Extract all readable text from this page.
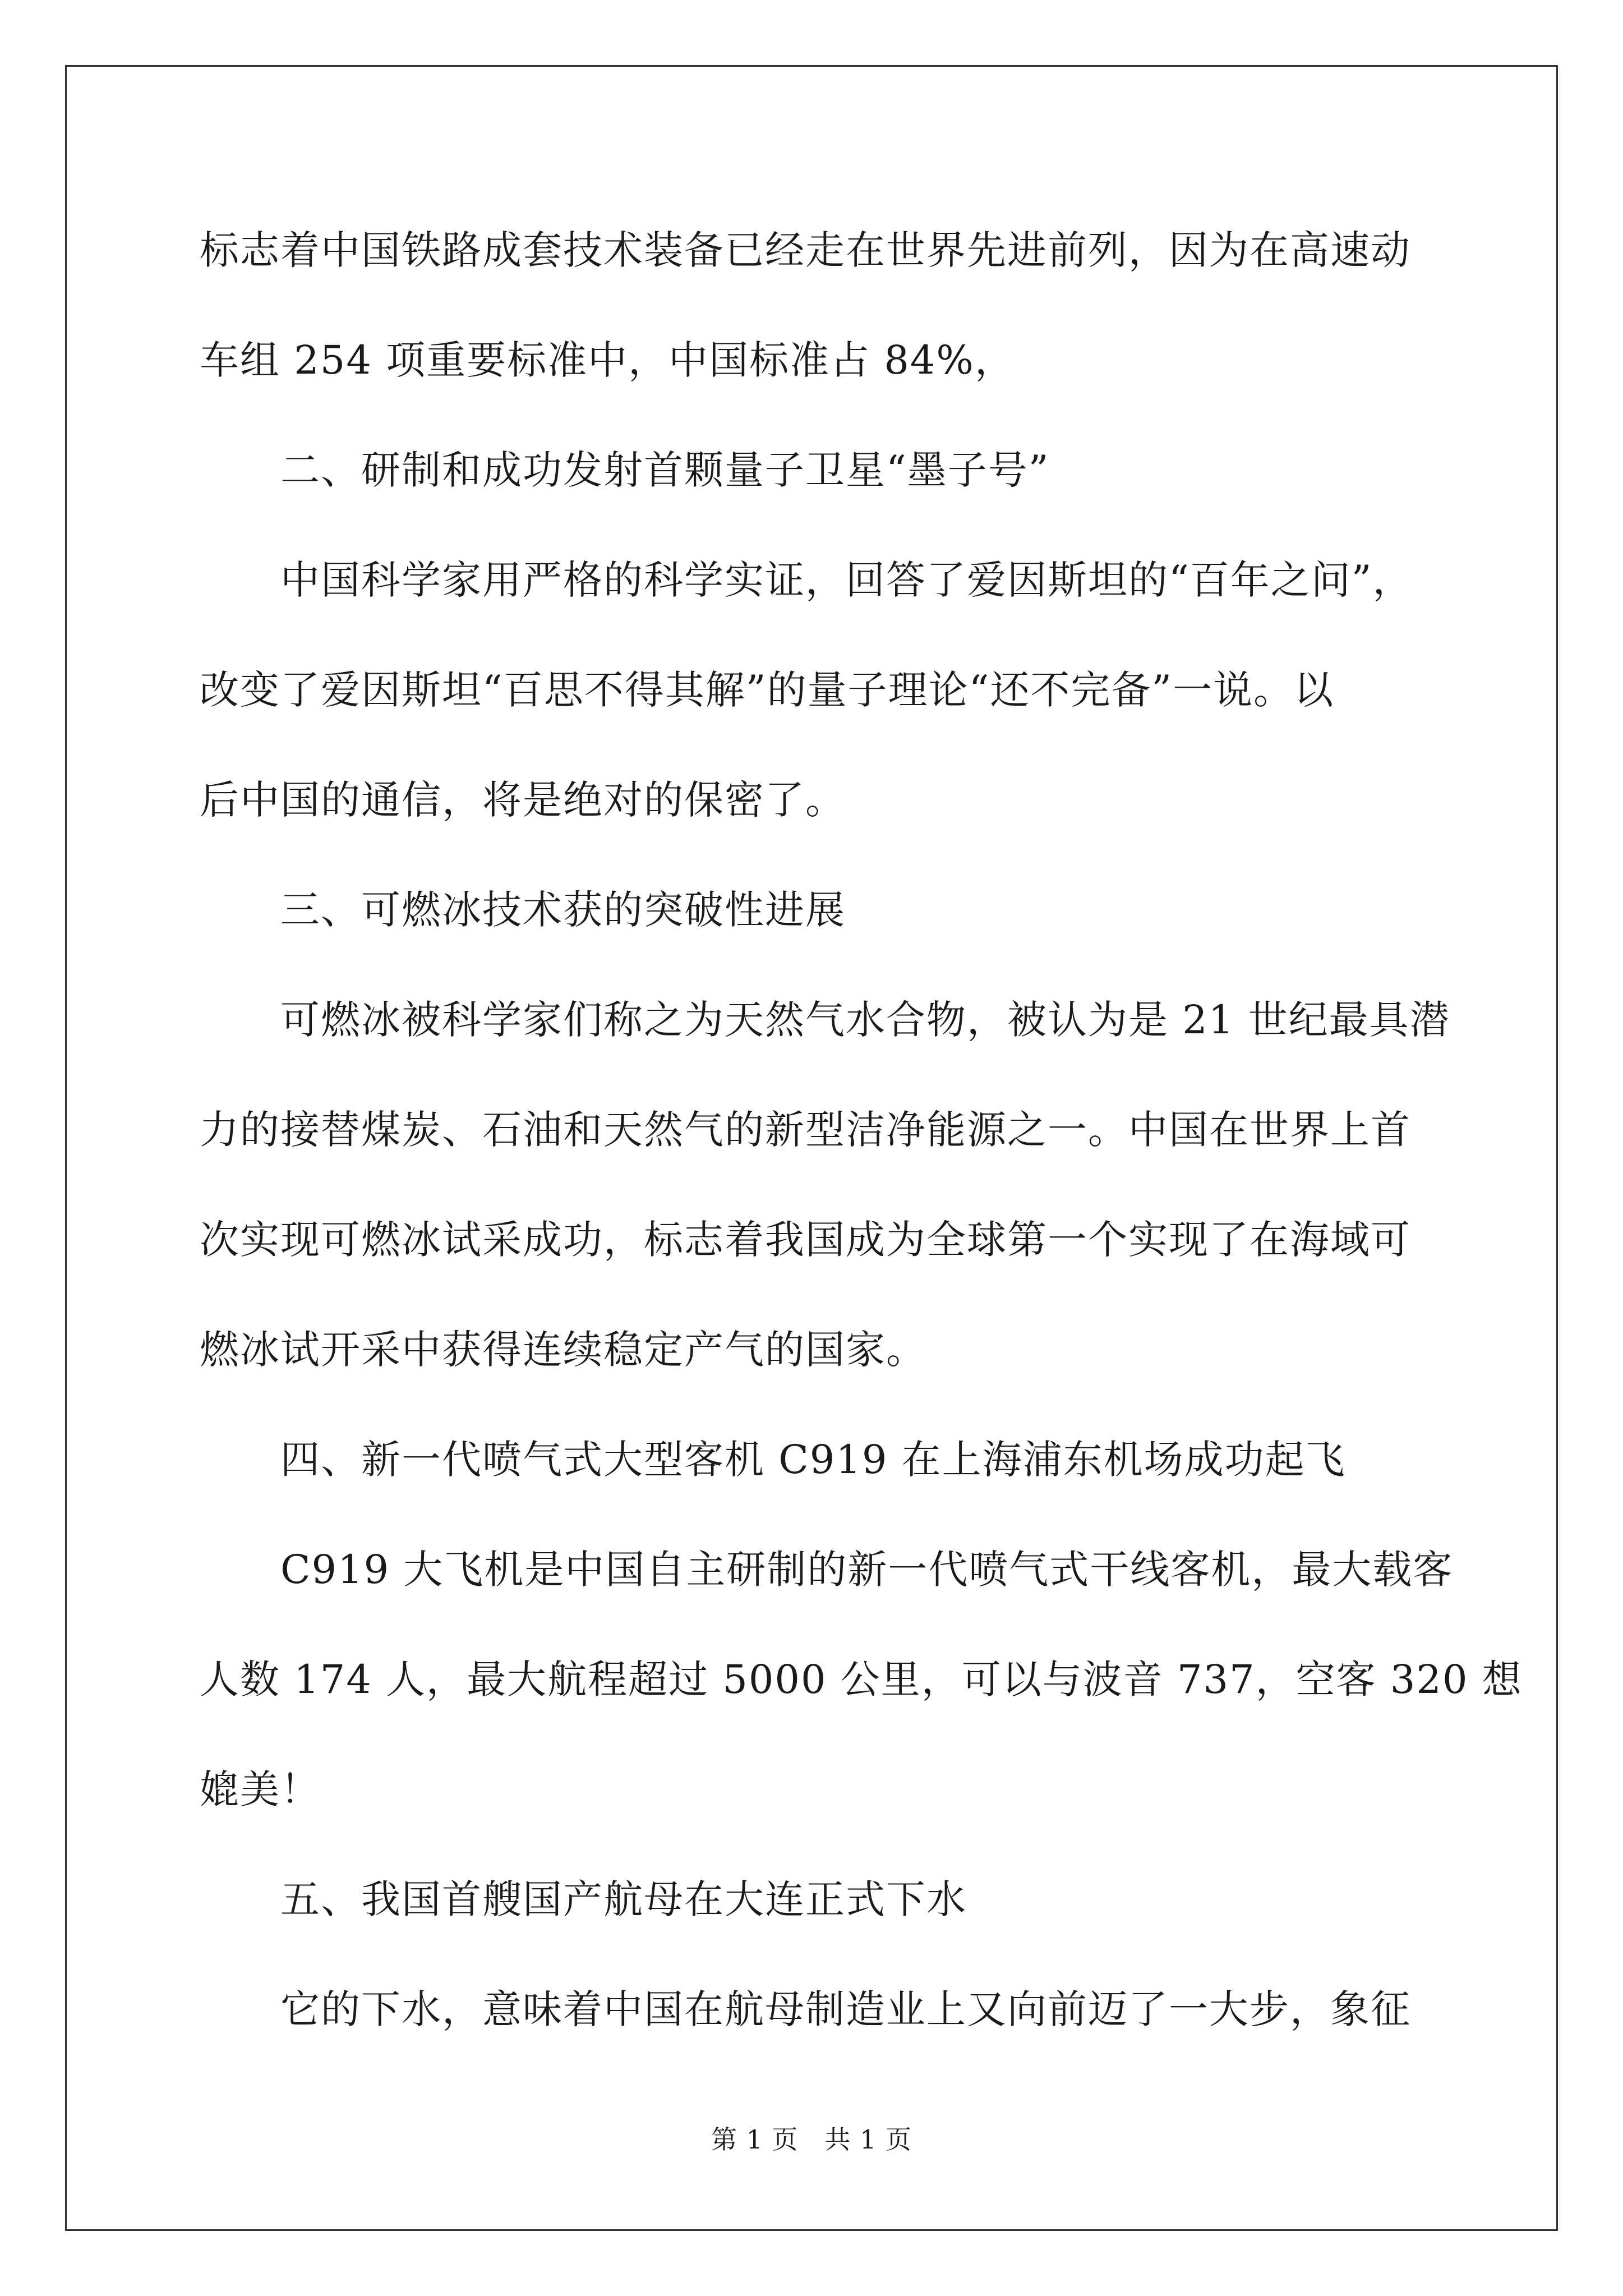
标志着中国铁路成套技术装备已经走在世界先进前列，因为在高速动

车组 254 项重要标准中，中国标准占 84%，

二、研制和成功发射首颗量子卫星“墨子号”

中国科学家用严格的科学实证，回答了爱因斯坦的“百年之问”，

改变了爱因斯坦“百思不得其解”的量子理论“还不完备”一说。以

后中国的通信，将是绝对的保密了。

三、可燃冰技术获的突破性进展

可燃冰被科学家们称之为天然气水合物，被认为是 21 世纪最具潜

力的接替煤炭、石油和天然气的新型洁净能源之一。中国在世界上首

次实现可燃冰试采成功，标志着我国成为全球第一个实现了在海域可

燃冰试开采中获得连续稳定产气的国家。

四、新一代喷气式大型客机 C919 在上海浦东机场成功起飞

C919 大飞机是中国自主研制的新一代喷气式干线客机，最大载客

人数 174 人，最大航程超过 5000 公里，可以与波音 737，空客 320 想

媲美！

五、我国首艘国产航母在大连正式下水

它的下水，意味着中国在航母制造业上又向前迈了一大步，象征

第 1 页　共 1 页
